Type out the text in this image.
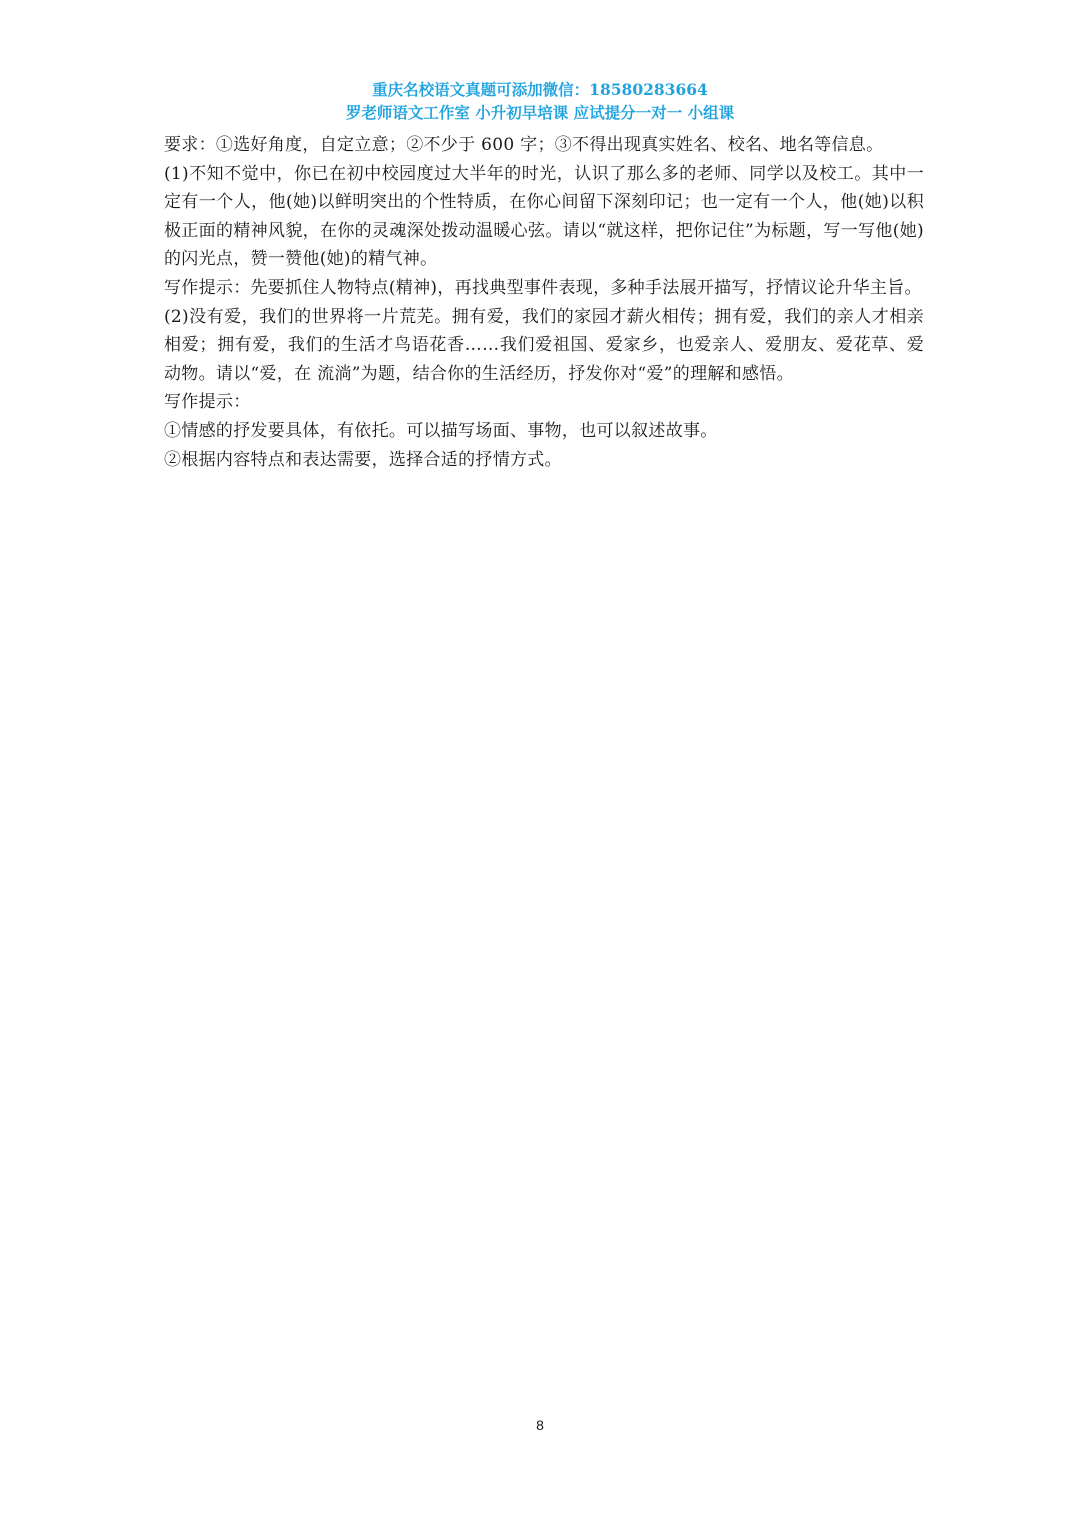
重庆名校语文真题可添加微信：18580283664
罗老师语文工作室 小升初早培课 应试提分一对一 小组课

要求：①选好角度，自定立意；②不少于 600 字；③不得出现真实姓名、校名、地名等信息。

(1)不知不觉中，你已在初中校园度过大半年的时光，认识了那么多的老师、同学以及校工。其中一定有一个人，他(她)以鲜明突出的个性特质，在你心间留下深刻印记；也一定有一个人，他(她)以积极正面的精神风貌，在你的灵魂深处拨动温暖心弦。请以“就这样，把你记住”为标题，写一写他(她)的闪光点，赞一赞他(她)的精气神。

写作提示：先要抓住人物特点(精神)，再找典型事件表现，多种手法展开描写，抒情议论升华主旨。

(2)没有爱，我们的世界将一片荒芜。拥有爱，我们的家园才薪火相传；拥有爱，我们的亲人才相亲相爱；拥有爱，我们的生活才鸟语花香……我们爱祖国、爱家乡，也爱亲人、爱朋友、爱花草、爱动物。请以“爱，在 流淌”为题，结合你的生活经历，抒发你对“爱”的理解和感悟。

写作提示：

①情感的抒发要具体，有依托。可以描写场面、事物，也可以叙述故事。

②根据内容特点和表达需要，选择合适的抒情方式。

8
